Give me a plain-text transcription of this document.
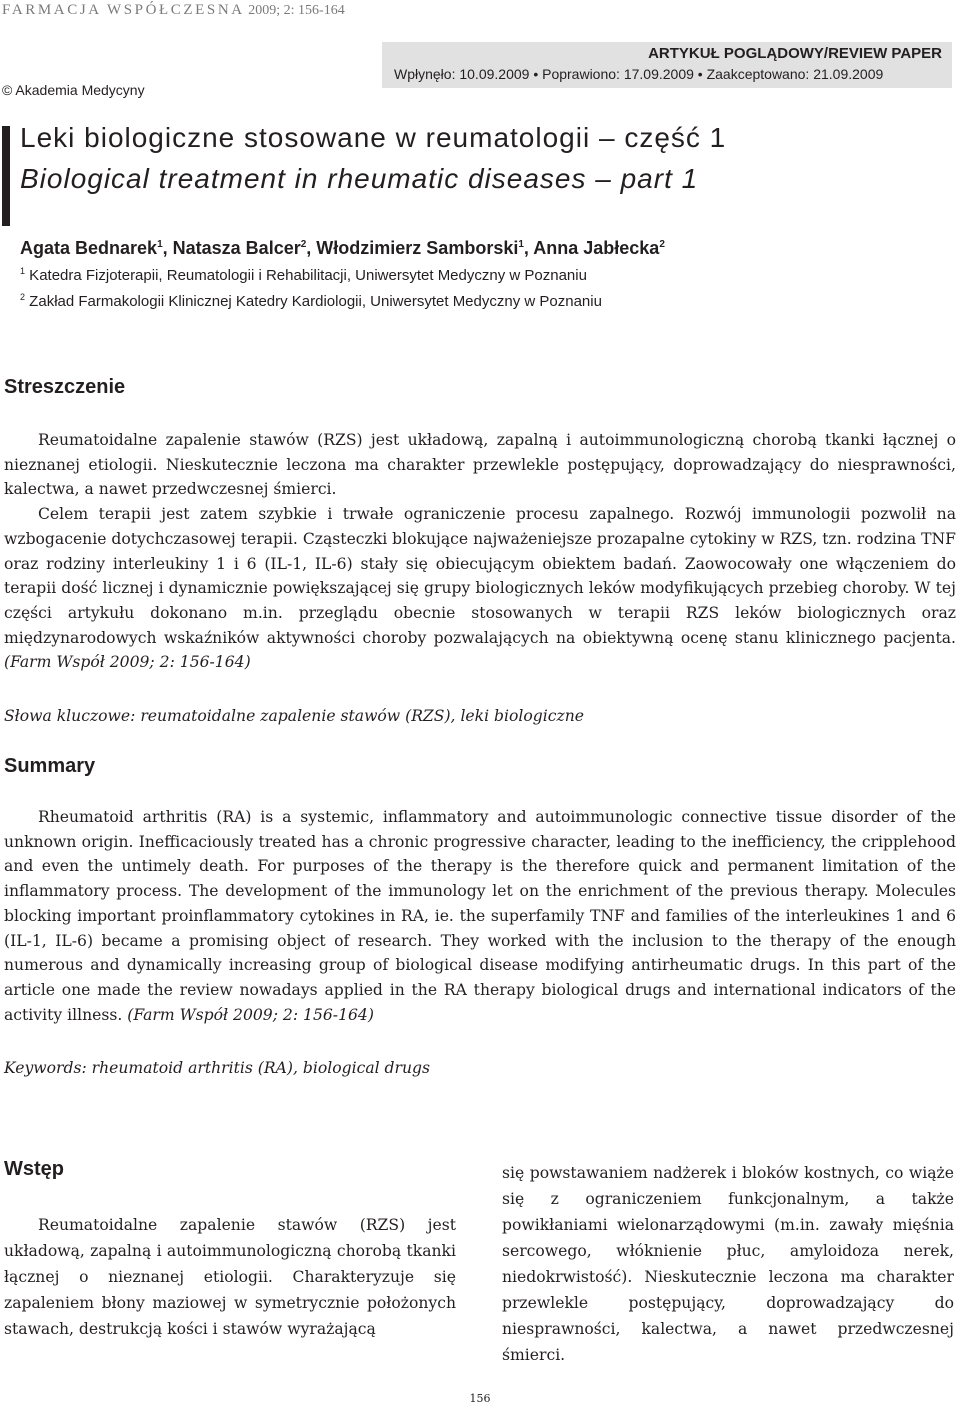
FARMACJA WSPÓŁCZESNA 2009; 2: 156-164
© Akademia Medycyny
ARTYKUŁ POGLĄDOWY/REVIEW PAPER
Wpłynęło: 10.09.2009 • Poprawiono: 17.09.2009 • Zaakceptowano: 21.09.2009
Leki biologiczne stosowane w reumatologii – część 1
Biological treatment in rheumatic diseases – part 1
Agata Bednarek$^1$, Natasza Balcer$^2$, Włodzimierz Samborski$^1$, Anna Jabłecka$^2$
$^1$ Katedra Fizjoterapii, Reumatologii i Rehabilitacji, Uniwersytet Medyczny w Poznaniu
$^2$ Zakład Farmakologii Klinicznej Katedry Kardiologii, Uniwersytet Medyczny w Poznaniu
Streszczenie

Reumatoidalne zapalenie stawów (RZS) jest układową, zapalną i autoimmunologiczną chorobą tkanki łącznej o nieznanej etiologii. Nieskutecznie leczona ma charakter przewlekle postępujący, doprowadzający do niesprawności, kalectwa, a nawet przedwczesnej śmierci.

Celem terapii jest zatem szybkie i trwałe ograniczenie procesu zapalnego. Rozwój immunologii pozwolił na wzbogacenie dotychczasowej terapii. Cząsteczki blokujące najważeniejsze prozapalne cytokiny w RZS, tzn. rodzina TNF oraz rodziny interleukiny 1 i 6 (IL-1, IL-6) stały się obiecującym obiektem badań. Zaowocowały one włączeniem do terapii dość licznej i dynamicznie powiększającej się grupy biologicznych leków modyfikujących przebieg choroby. W tej części artykułu dokonano m.in. przeglądu obecnie stosowanych w terapii RZS leków biologicznych oraz międzynarodowych wskaźników aktywności choroby pozwalających na obiektywną ocenę stanu klinicznego pacjenta. (Farm Współ 2009; 2: 156-164)

Słowa kluczowe: reumatoidalne zapalenie stawów (RZS), leki biologiczne
Summary

Rheumatoid arthritis (RA) is a systemic, inflammatory and autoimmunologic connective tissue disorder of the unknown origin. Inefficaciously treated has a chronic progressive character, leading to the inefficiency, the cripplehood and even the untimely death. For purposes of the therapy is the therefore quick and permanent limitation of the inflammatory process. The development of the immunology let on the enrichment of the previous therapy. Molecules blocking important proinflammatory cytokines in RA, ie. the superfamily TNF and families of the interleukines 1 and 6 (IL-1, IL-6) became a promising object of research. They worked with the inclusion to the therapy of the enough numerous and dynamically increasing group of biological disease modifying antirheumatic drugs. In this part of the article one made the review nowadays applied in the RA therapy biological drugs and international indicators of the activity illness. (Farm Współ 2009; 2: 156-164)

Keywords: rheumatoid arthritis (RA), biological drugs
Wstęp

Reumatoidalne zapalenie stawów (RZS) jest układową, zapalną i autoimmunologiczną chorobą tkanki łącznej o nieznanej etiologii. Charakteryzuje się zapaleniem błony maziowej w symetrycznie położonych stawach, destrukcją kości i stawów wyrażającą

się powstawaniem nadżerek i bloków kostnych, co wiąże się z ograniczeniem funkcjonalnym, a także powikłaniami wielonarządowymi (m.in. zawały mięśnia sercowego, włóknienie płuc, amyloidoza nerek, niedokrwistość). Nieskutecznie leczona ma charakter przewlekle postępujący, doprowadzający do niesprawności, kalectwa, a nawet przedwczesnej śmierci.

156
